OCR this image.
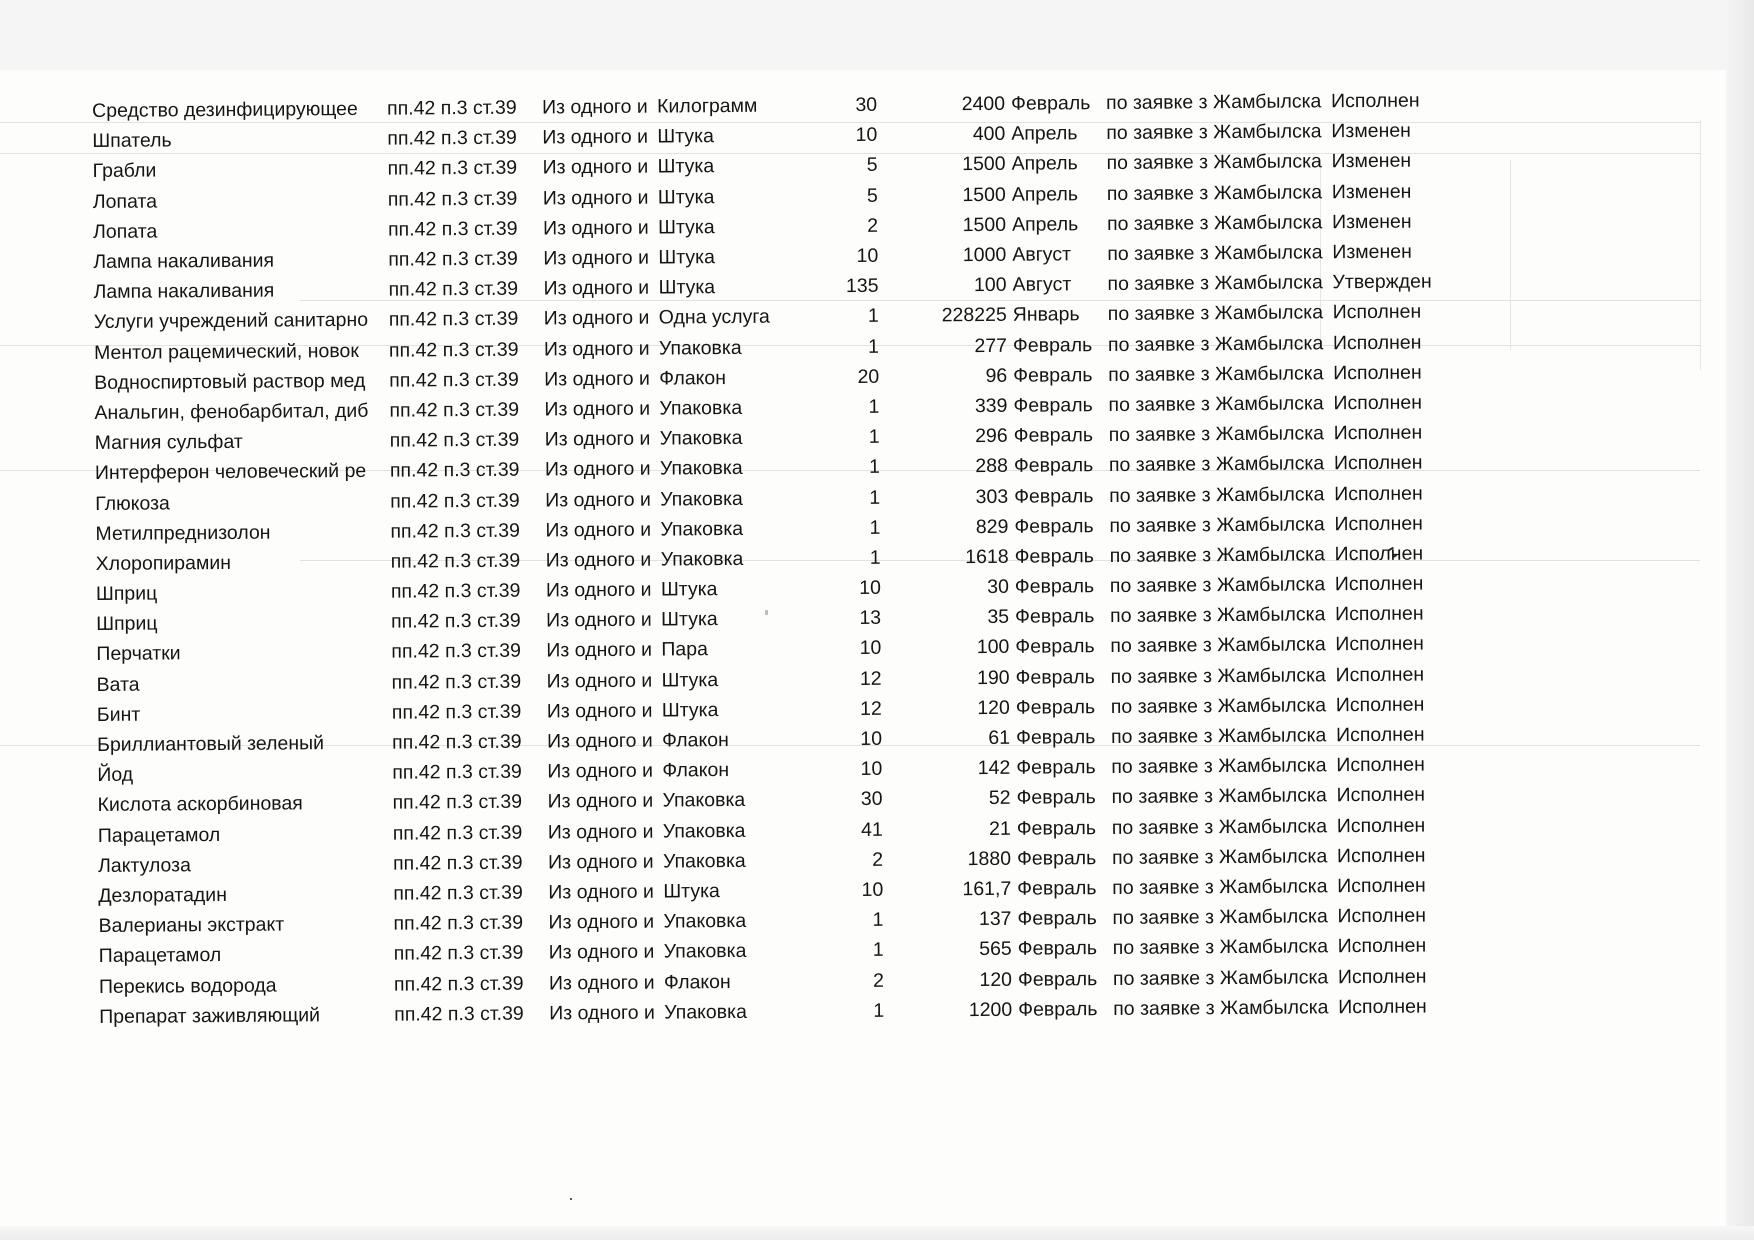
Средство дезинфицирующее	пп.42 п.3 ст.39	Из одного и	Килограмм	30	2400	Февраль	по заявке з Жамбылска	Исполнен
Шпатель	пп.42 п.3 ст.39	Из одного и	Штука	10	400	Апрель	по заявке з Жамбылска	Изменен
Грабли	пп.42 п.3 ст.39	Из одного и	Штука	5	1500	Апрель	по заявке з Жамбылска	Изменен
Лопата	пп.42 п.3 ст.39	Из одного и	Штука	5	1500	Апрель	по заявке з Жамбылска	Изменен
Лопата	пп.42 п.3 ст.39	Из одного и	Штука	2	1500	Апрель	по заявке з Жамбылска	Изменен
Лампа накаливания	пп.42 п.3 ст.39	Из одного и	Штука	10	1000	Август	по заявке з Жамбылска	Изменен
Лампа накаливания	пп.42 п.3 ст.39	Из одного и	Штука	135	100	Август	по заявке з Жамбылска	Утвержден
Услуги учреждений санитарно	пп.42 п.3 ст.39	Из одного и	Одна услуга	1	228225	Январь	по заявке з Жамбылска	Исполнен
Ментол рацемический, новок	пп.42 п.3 ст.39	Из одного и	Упаковка	1	277	Февраль	по заявке з Жамбылска	Исполнен
Водноспиртовый раствор мед	пп.42 п.3 ст.39	Из одного и	Флакон	20	96	Февраль	по заявке з Жамбылска	Исполнен
Анальгин, фенобарбитал, диб	пп.42 п.3 ст.39	Из одного и	Упаковка	1	339	Февраль	по заявке з Жамбылска	Исполнен
Магния сульфат	пп.42 п.3 ст.39	Из одного и	Упаковка	1	296	Февраль	по заявке з Жамбылска	Исполнен
Интерферон человеческий ре	пп.42 п.3 ст.39	Из одного и	Упаковка	1	288	Февраль	по заявке з Жамбылска	Исполнен
Глюкоза	пп.42 п.3 ст.39	Из одного и	Упаковка	1	303	Февраль	по заявке з Жамбылска	Исполнен
Метилпреднизолон	пп.42 п.3 ст.39	Из одного и	Упаковка	1	829	Февраль	по заявке з Жамбылска	Исполнен
Хлоропирамин	пп.42 п.3 ст.39	Из одного и	Упаковка	1	1618	Февраль	по заявке з Жамбылска	Исполнен
Шприц	пп.42 п.3 ст.39	Из одного и	Штука	10	30	Февраль	по заявке з Жамбылска	Исполнен
Шприц	пп.42 п.3 ст.39	Из одного и	Штука	13	35	Февраль	по заявке з Жамбылска	Исполнен
Перчатки	пп.42 п.3 ст.39	Из одного и	Пара	10	100	Февраль	по заявке з Жамбылска	Исполнен
Вата	пп.42 п.3 ст.39	Из одного и	Штука	12	190	Февраль	по заявке з Жамбылска	Исполнен
Бинт	пп.42 п.3 ст.39	Из одного и	Штука	12	120	Февраль	по заявке з Жамбылска	Исполнен
Бриллиантовый зеленый	пп.42 п.3 ст.39	Из одного и	Флакон	10	61	Февраль	по заявке з Жамбылска	Исполнен
Йод	пп.42 п.3 ст.39	Из одного и	Флакон	10	142	Февраль	по заявке з Жамбылска	Исполнен
Кислота аскорбиновая	пп.42 п.3 ст.39	Из одного и	Упаковка	30	52	Февраль	по заявке з Жамбылска	Исполнен
Парацетамол	пп.42 п.3 ст.39	Из одного и	Упаковка	41	21	Февраль	по заявке з Жамбылска	Исполнен
Лактулоза	пп.42 п.3 ст.39	Из одного и	Упаковка	2	1880	Февраль	по заявке з Жамбылска	Исполнен
Дезлоратадин	пп.42 п.3 ст.39	Из одного и	Штука	10	161,7	Февраль	по заявке з Жамбылска	Исполнен
Валерианы экстракт	пп.42 п.3 ст.39	Из одного и	Упаковка	1	137	Февраль	по заявке з Жамбылска	Исполнен
Парацетамол	пп.42 п.3 ст.39	Из одного и	Упаковка	1	565	Февраль	по заявке з Жамбылска	Исполнен
Перекись водорода	пп.42 п.3 ст.39	Из одного и	Флакон	2	120	Февраль	по заявке з Жамбылска	Исполнен
Препарат заживляющий	пп.42 п.3 ст.39	Из одного и	Упаковка	1	1200	Февраль	по заявке з Жамбылска	Исполнен
